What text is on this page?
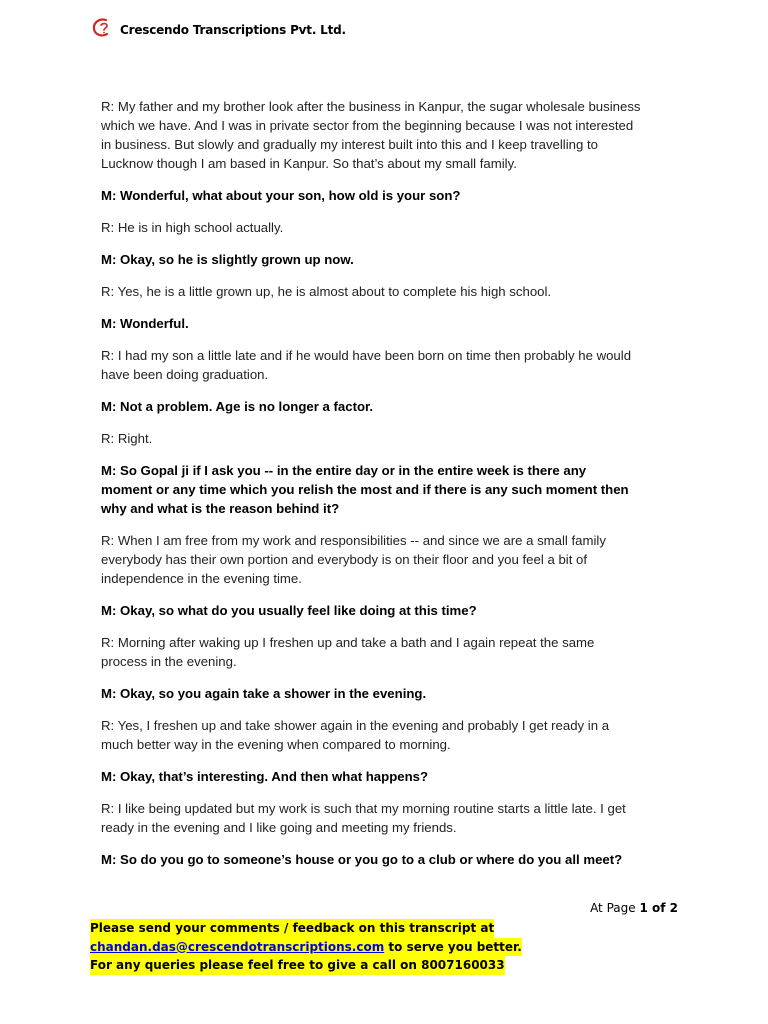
Crescendo Transcriptions Pvt. Ltd.

R: My father and my brother look after the business in Kanpur, the sugar wholesale business which we have. And I was in private sector from the beginning because I was not interested in business. But slowly and gradually my interest built into this and I keep travelling to Lucknow though I am based in Kanpur. So that’s about my small family.

M: Wonderful, what about your son, how old is your son?

R: He is in high school actually.

M: Okay, so he is slightly grown up now.

R: Yes, he is a little grown up, he is almost about to complete his high school.

M: Wonderful.

R: I had my son a little late and if he would have been born on time then probably he would have been doing graduation.

M: Not a problem. Age is no longer a factor.

R: Right.

M: So Gopal ji if I ask you -- in the entire day or in the entire week is there any moment or any time which you relish the most and if there is any such moment then why and what is the reason behind it?

R: When I am free from my work and responsibilities -- and since we are a small family everybody has their own portion and everybody is on their floor and you feel a bit of independence in the evening time.

M: Okay, so what do you usually feel like doing at this time?

R: Morning after waking up I freshen up and take a bath and I again repeat the same process in the evening.

M: Okay, so you again take a shower in the evening.

R: Yes, I freshen up and take shower again in the evening and probably I get ready in a much better way in the evening when compared to morning.

M: Okay, that’s interesting. And then what happens?

R: I like being updated but my work is such that my morning routine starts a little late. I get ready in the evening and I like going and meeting my friends.

M: So do you go to someone’s house or you go to a club or where do you all meet?

At Page 1 of 2
Please send your comments / feedback on this transcript at
chandan.das@crescendotranscriptions.com to serve you better.
For any queries please feel free to give a call on 8007160033
